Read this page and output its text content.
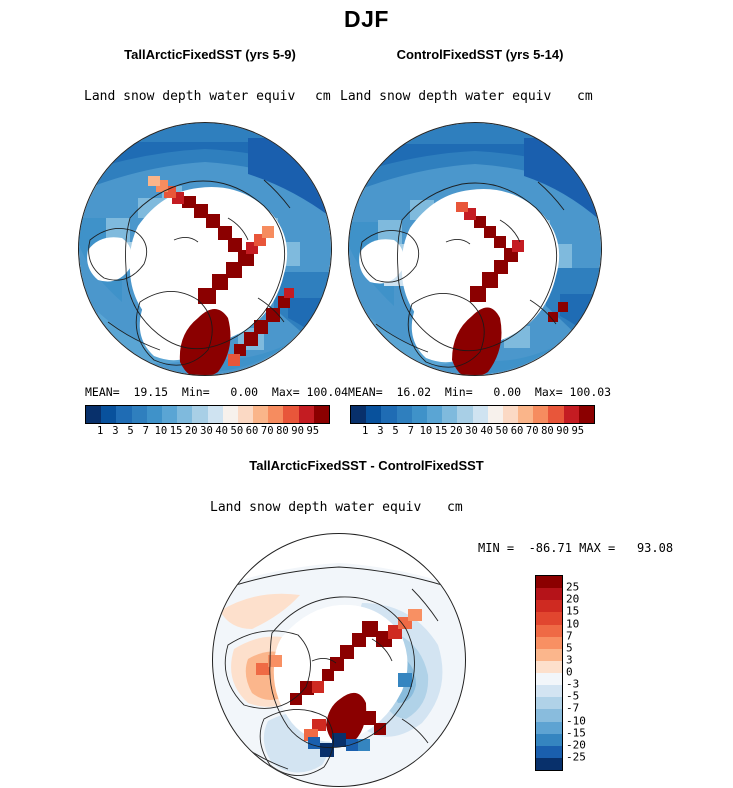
DJF
TallArcticFixedSST (yrs 5-9)
Land snow depth water equiv cm
MEAN=  19.15  Min=   0.00  Max= 100.04
1 3 5 7 10 15 20 30 40 50 60 70 80 90 95
ControlFixedSST (yrs 5-14)
Land snow depth water equiv cm
MEAN=  16.02  Min=   0.00  Max= 100.03
1 3 5 7 10 15 20 30 40 50 60 70 80 90 95
TallArcticFixedSST - ControlFixedSST
Land snow depth water equiv cm
MIN =  -86.71 MAX =   93.08
25
20
15
10
7
5
3
0
-3
-5
-7
-10
-15
-20
-25
